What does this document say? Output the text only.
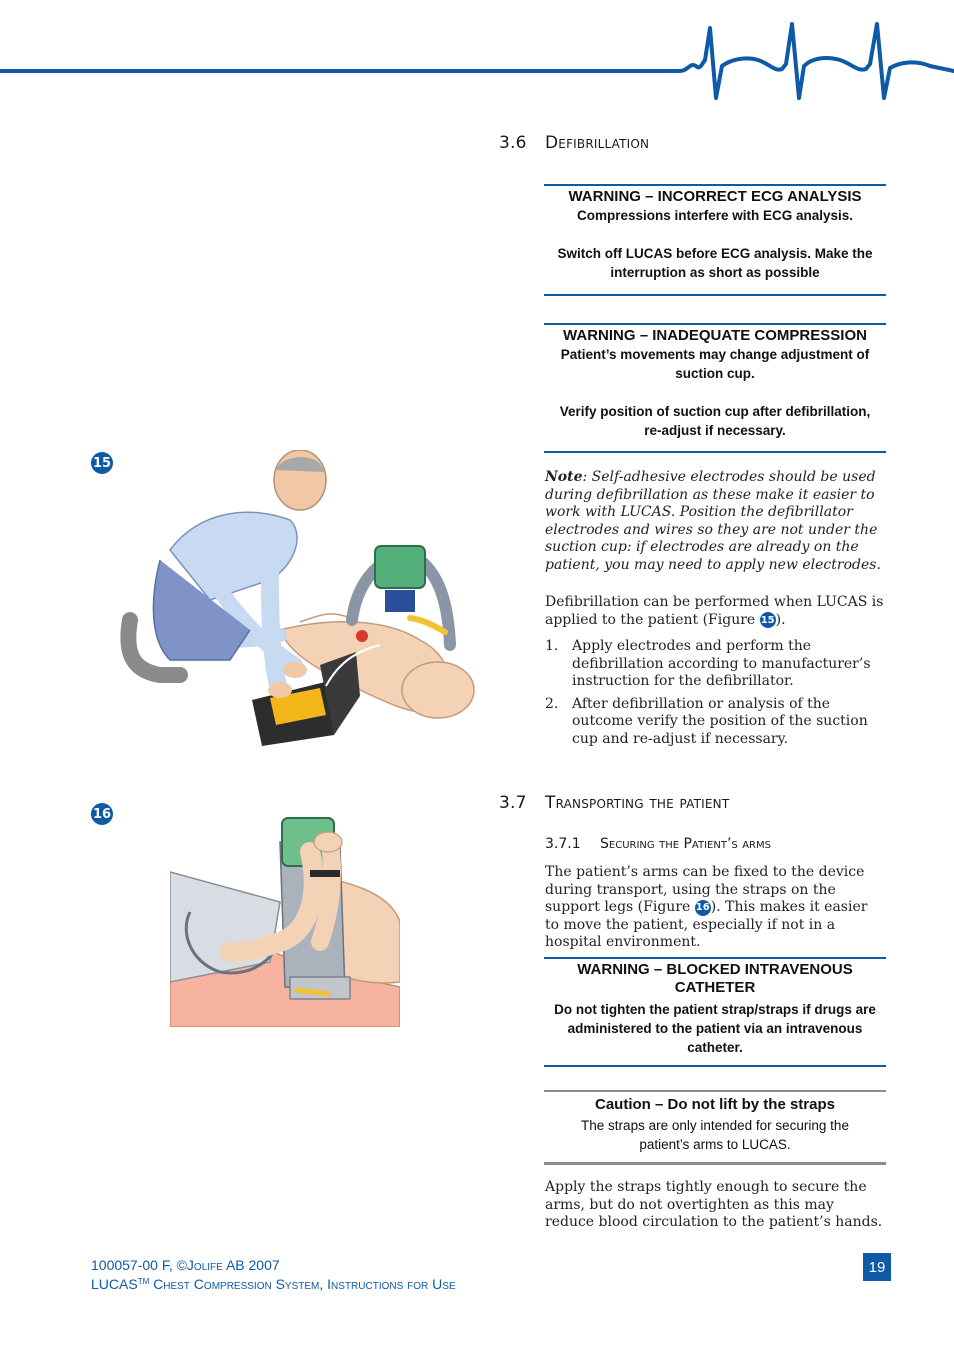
3.6 Defibrillation

WARNING – INCORRECT ECG ANALYSIS

Compressions interfere with ECG analysis.

Switch off LUCAS before ECG analysis. Make the interruption as short as possible

WARNING – INADEQUATE COMPRESSION

Patient’s movements may change adjustment of suction cup.

Verify position of suction cup after defibrillation, re-adjust if necessary.

Note: Self-adhesive electrodes should be used during defibrillation as these make it easier to work with LUCAS. Position the defibrillator electrodes and wires so they are not under the suction cup: if electrodes are already on the patient, you may need to apply new electrodes.

Defibrillation can be performed when LUCAS is applied to the patient (Figure 15).

1. Apply electrodes and perform the defibrillation according to manufacturer’s instruction for the defibrillator.
2. After defibrillation or analysis of the outcome verify the position of the suction cup and re-adjust if necessary.
3.7 Transporting the patient
3.7.1 Securing the Patient’s arms

The patient’s arms can be fixed to the device during transport, using the straps on the support legs (Figure 16). This makes it easier to move the patient, especially if not in a hospital environment.

WARNING – BLOCKED INTRAVENOUS CATHETER

Do not tighten the patient strap/straps if drugs are administered to the patient via an intravenous catheter.

Caution – Do not lift by the straps

The straps are only intended for securing the patient’s arms to LUCAS.

Apply the straps tightly enough to secure the arms, but do not overtighten as this may reduce blood circulation to the patient’s hands.

15
16
100057-00 F, ©Jolife AB 2007
LUCAS™ Chest Compression System, Instructions for Use
19
